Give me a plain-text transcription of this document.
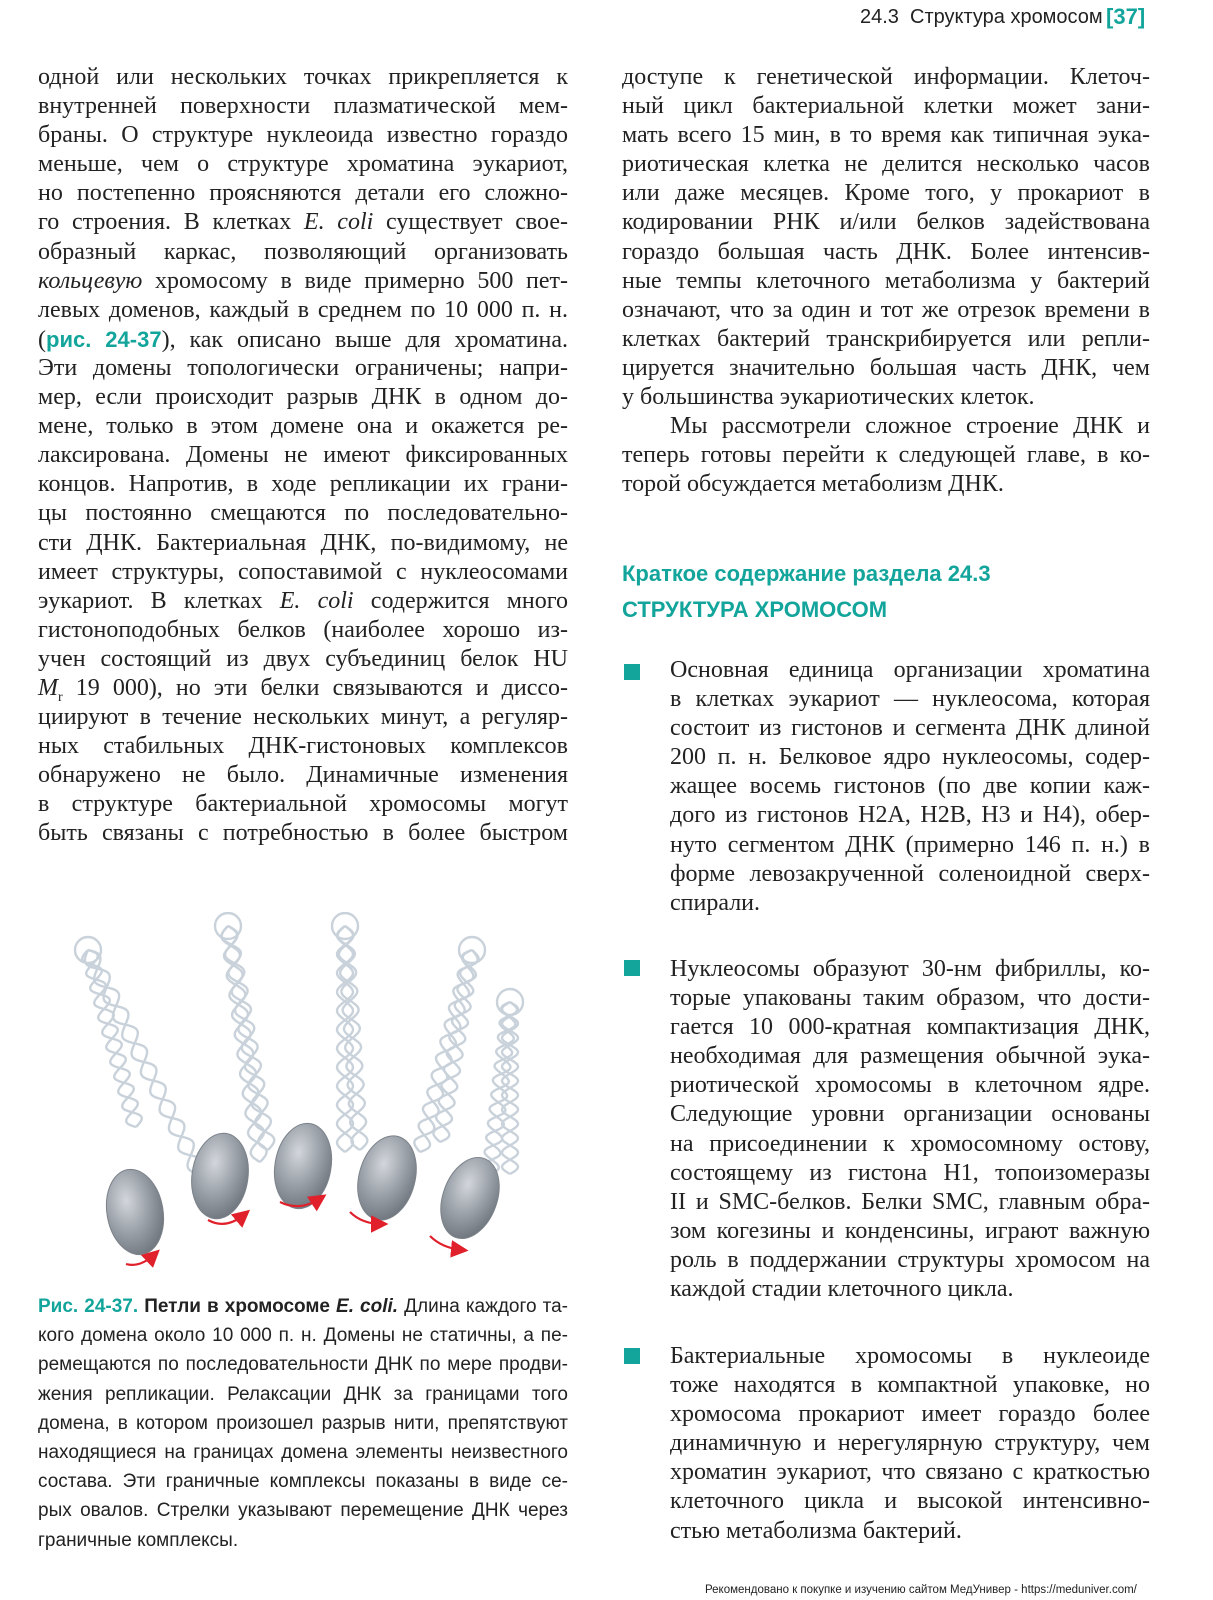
24.3 Структура хромосом [37]
одной или нескольких точках прикрепляется к
внутренней поверхности плазматической мем-
браны. О структуре нуклеоида известно гораздо
меньше, чем о структуре хроматина эукариот,
но постепенно проясняются детали его сложно-
го строения. В клетках E. coli существует свое-
образный каркас, позволяющий организовать
кольцевую хромосому в виде примерно 500 пет-
левых доменов, каждый в среднем по 10 000 п. н.
(рис. 24-37), как описано выше для хроматина.
Эти домены топологически ограничены; напри-
мер, если происходит разрыв ДНК в одном до-
мене, только в этом домене она и окажется ре-
лаксирована. Домены не имеют фиксированных
концов. Напротив, в ходе репликации их грани-
цы постоянно смещаются по последовательно-
сти ДНК. Бактериальная ДНК, по-видимому, не
имеет структуры, сопоставимой с нуклеосомами
эукариот. В клетках E. coli содержится много
гистоноподобных белков (наиболее хорошо из-
учен состоящий из двух субъединиц белок HU
$M_r$ 19 000), но эти белки связываются и диссо-
циируют в течение нескольких минут, а регуляр-
ных стабильных ДНК-гистоновых комплексов
обнаружено не было. Динамичные изменения
в структуре бактериальной хромосомы могут
быть связаны с потребностью в более быстром
доступе к генетической информации. Клеточ-
ный цикл бактериальной клетки может зани-
мать всего 15 мин, в то время как типичная эука-
риотическая клетка не делится несколько часов
или даже месяцев. Кроме того, у прокариот в
кодировании РНК и/или белков задействована
гораздо большая часть ДНК. Более интенсив-
ные темпы клеточного метаболизма у бактерий
означают, что за один и тот же отрезок времени в
клетках бактерий транскрибируется или репли-
цируется значительно большая часть ДНК, чем
у большинства эукариотических клеток.
Мы рассмотрели сложное строение ДНК и
теперь готовы перейти к следующей главе, в ко-
торой обсуждается метаболизм ДНК.
Краткое содержание раздела 24.3
СТРУКТУРА ХРОМОСОМ
Основная единица организации хроматина
в клетках эукариот — нуклеосома, которая
состоит из гистонов и сегмента ДНК длиной
200 п. н. Белковое ядро нуклеосомы, содер-
жащее восемь гистонов (по две копии каж-
дого из гистонов Н2А, Н2В, Н3 и Н4), обер-
нуто сегментом ДНК (примерно 146 п. н.) в
форме левозакрученной соленоидной сверх-
спирали.
Нуклеосомы образуют 30-нм фибриллы, ко-
торые упакованы таким образом, что дости-
гается 10 000-кратная компактизация ДНК,
необходимая для размещения обычной эука-
риотической хромосомы в клеточном ядре.
Следующие уровни организации основаны
на присоединении к хромосомному остову,
состоящему из гистона Н1, топоизомеразы
II и SMC-белков. Белки SMC, главным обра-
зом когезины и конденсины, играют важную
роль в поддержании структуры хромосом на
каждой стадии клеточного цикла.
Бактериальные хромосомы в нуклеоиде
тоже находятся в компактной упаковке, но
хромосома прокариот имеет гораздо более
динамичную и нерегулярную структуру, чем
хроматин эукариот, что связано с краткостью
клеточного цикла и высокой интенсивно-
стью метаболизма бактерий.
Рис. 24-37. Петли в хромосоме E. coli. Длина каждого та-
кого домена около 10 000 п. н. Домены не статичны, а пе-
ремещаются по последовательности ДНК по мере продви-
жения репликации. Релаксации ДНК за границами того
домена, в котором произошел разрыв нити, препятствуют
находящиеся на границах домена элементы неизвестного
состава. Эти граничные комплексы показаны в виде се-
рых овалов. Стрелки указывают перемещение ДНК через
граничные комплексы.
Рекомендовано к покупке и изучению сайтом МедУнивер - https://meduniver.com/
